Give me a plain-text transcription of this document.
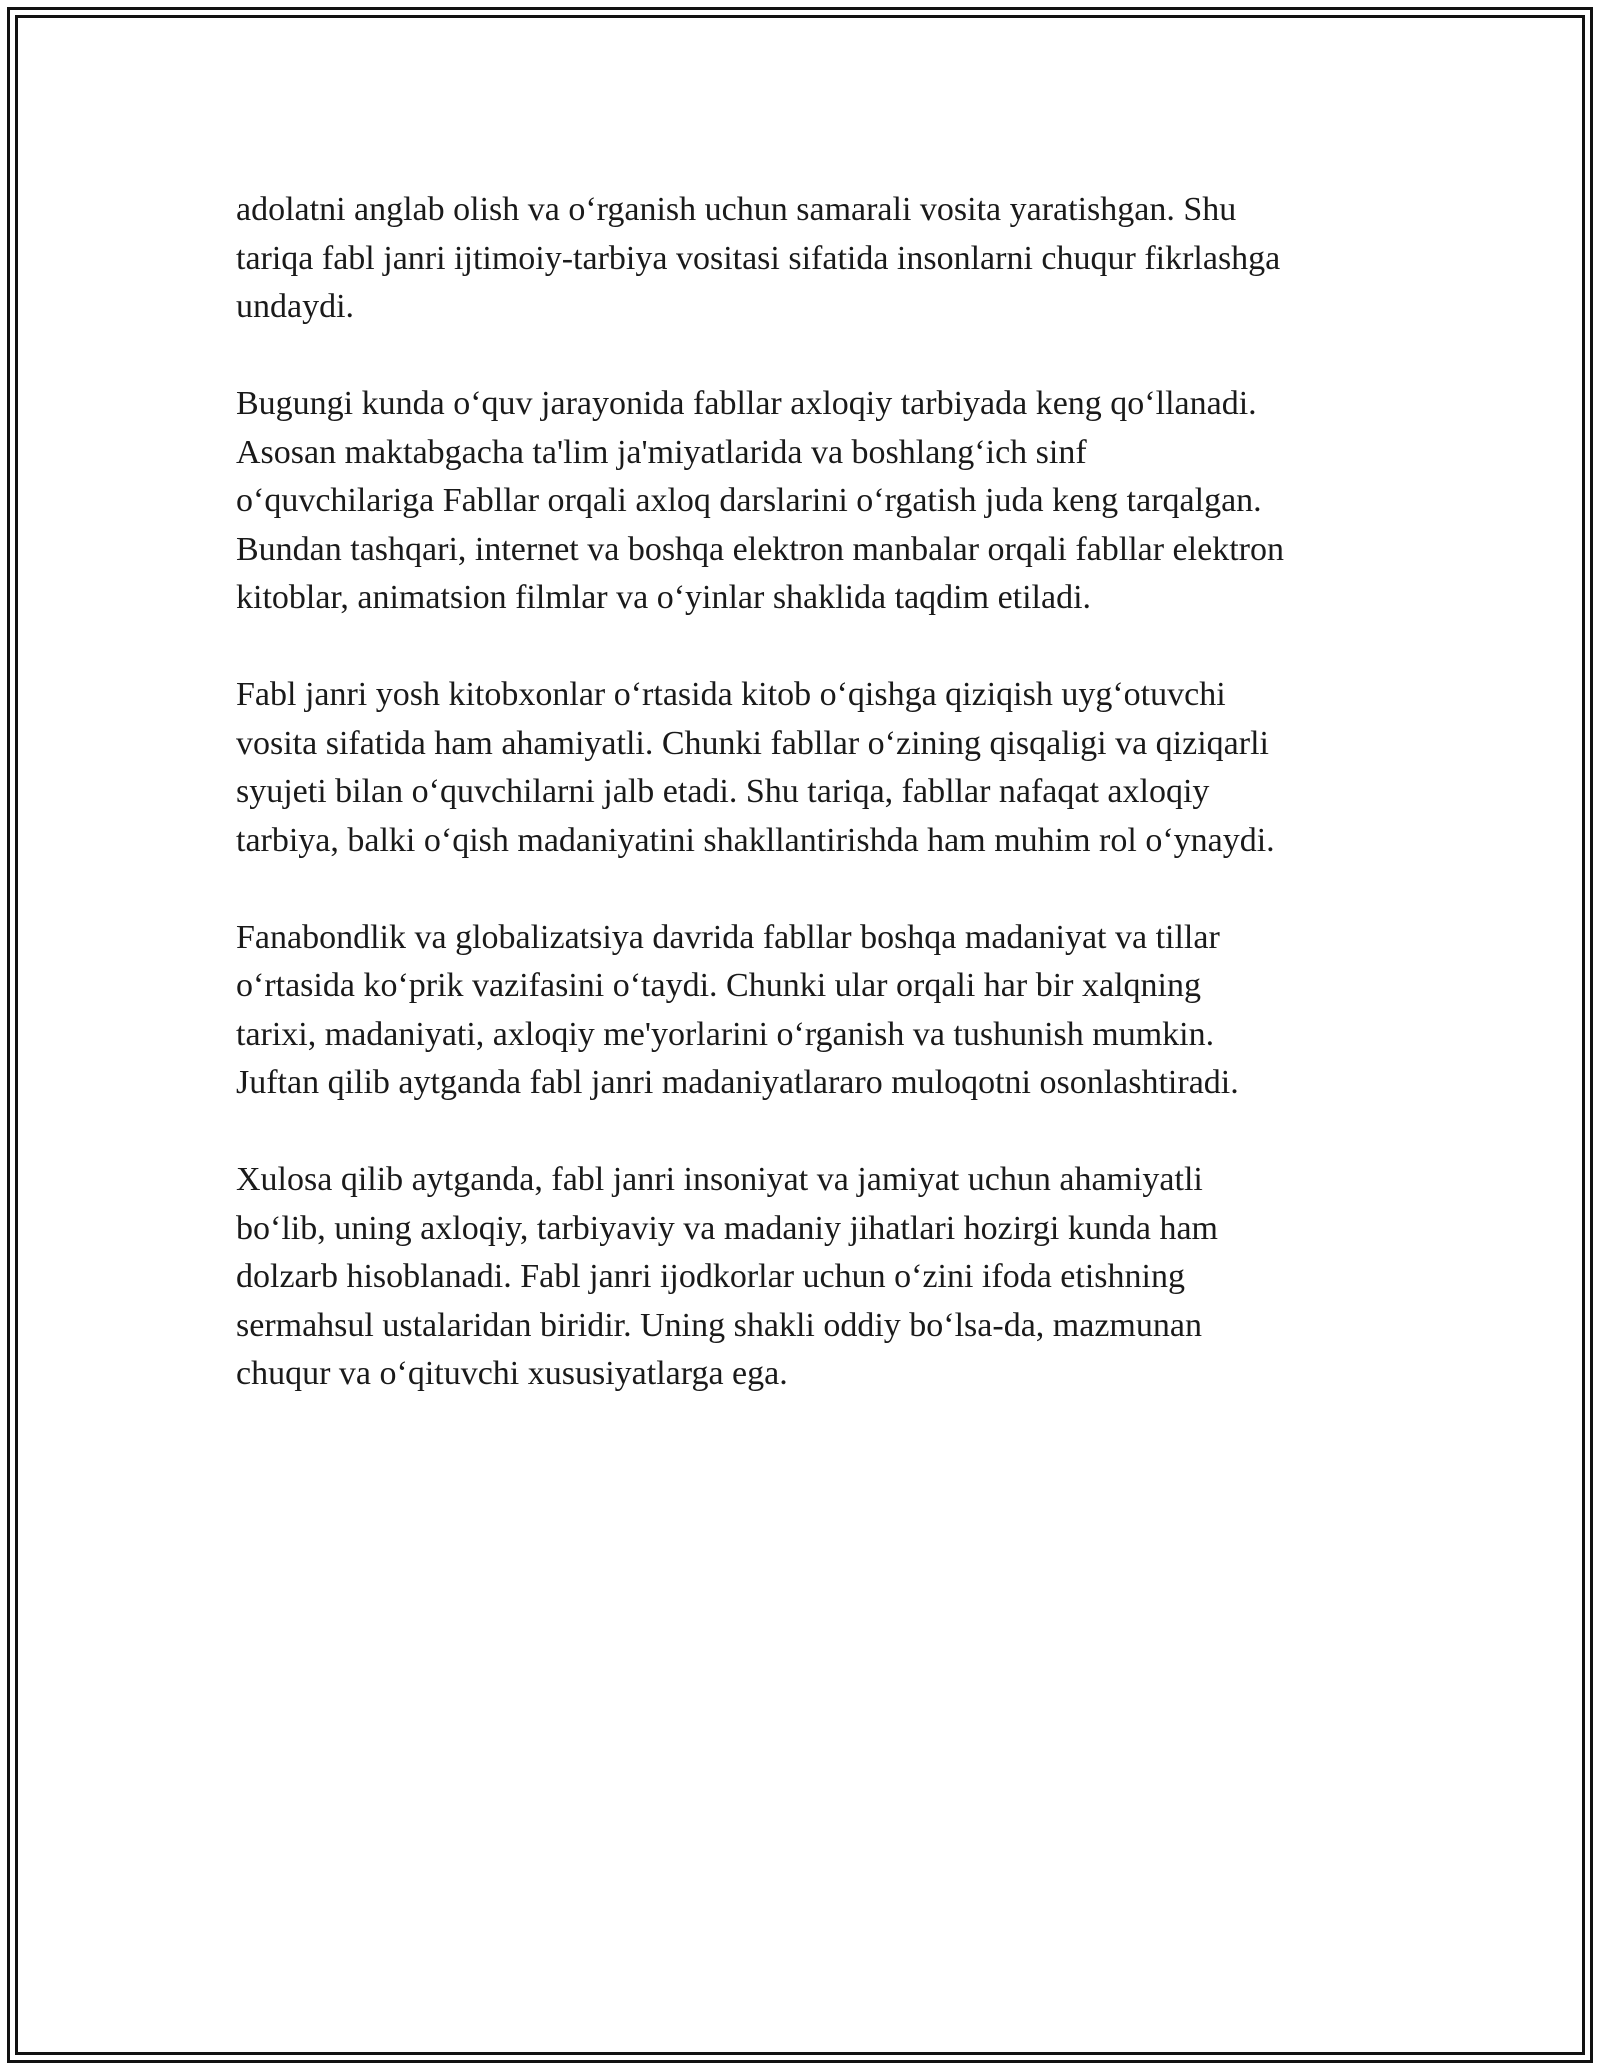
adolatni anglab olish va o‘rganish uchun samarali vosita yaratishgan. Shu
tariqa fabl janri ijtimoiy-tarbiya vositasi sifatida insonlarni chuqur fikrlashga
undaydi.

Bugungi kunda o‘quv jarayonida fabllar axloqiy tarbiyada keng qo‘llanadi.
Asosan maktabgacha ta'lim ja'miyatlarida va boshlang‘ich sinf
o‘quvchilariga Fabllar orqali axloq darslarini o‘rgatish juda keng tarqalgan.
Bundan tashqari, internet va boshqa elektron manbalar orqali fabllar elektron
kitoblar, animatsion filmlar va o‘yinlar shaklida taqdim etiladi.

Fabl janri yosh kitobxonlar o‘rtasida kitob o‘qishga qiziqish uyg‘otuvchi
vosita sifatida ham ahamiyatli. Chunki fabllar o‘zining qisqaligi va qiziqarli
syujeti bilan o‘quvchilarni jalb etadi. Shu tariqa, fabllar nafaqat axloqiy
tarbiya, balki o‘qish madaniyatini shakllantirishda ham muhim rol o‘ynaydi.

Fanabondlik va globalizatsiya davrida fabllar boshqa madaniyat va tillar
o‘rtasida ko‘prik vazifasini o‘taydi. Chunki ular orqali har bir xalqning
tarixi, madaniyati, axloqiy me'yorlarini o‘rganish va tushunish mumkin.
Juftan qilib aytganda fabl janri madaniyatlararo muloqotni osonlashtiradi.

Xulosa qilib aytganda, fabl janri insoniyat va jamiyat uchun ahamiyatli
bo‘lib, uning axloqiy, tarbiyaviy va madaniy jihatlari hozirgi kunda ham
dolzarb hisoblanadi. Fabl janri ijodkorlar uchun o‘zini ifoda etishning
sermahsul ustalaridan biridir. Uning shakli oddiy bo‘lsa-da, mazmunan
chuqur va o‘qituvchi xususiyatlarga ega.
